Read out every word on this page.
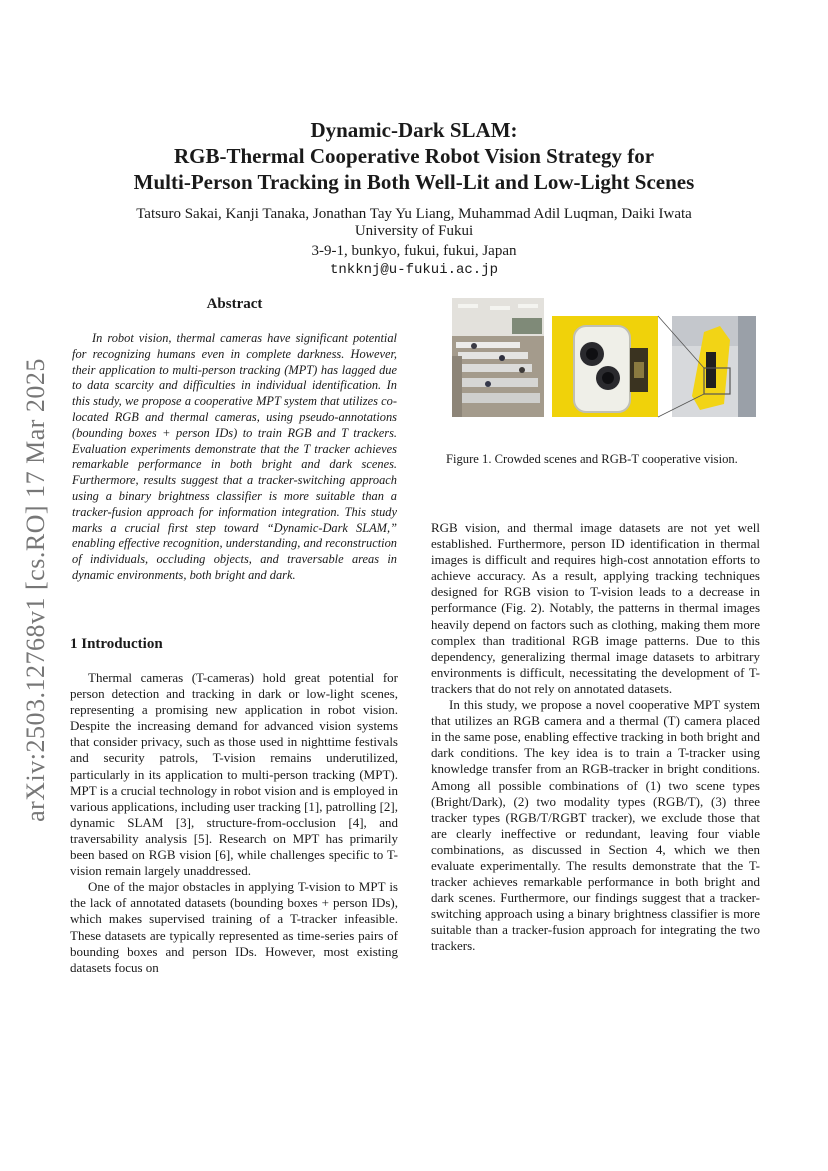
arXiv:2503.12768v1 [cs.RO] 17 Mar 2025
Dynamic-Dark SLAM:
RGB-Thermal Cooperative Robot Vision Strategy for
Multi-Person Tracking in Both Well-Lit and Low-Light Scenes
Tatsuro Sakai, Kanji Tanaka, Jonathan Tay Yu Liang, Muhammad Adil Luqman, Daiki Iwata
University of Fukui
3-9-1, bunkyo, fukui, fukui, Japan
tnkknj@u-fukui.ac.jp
Abstract
In robot vision, thermal cameras have significant potential for recognizing humans even in complete darkness. However, their application to multi-person tracking (MPT) has lagged due to data scarcity and difficulties in individual identification. In this study, we propose a cooperative MPT system that utilizes co-located RGB and thermal cameras, using pseudo-annotations (bounding boxes + person IDs) to train RGB and T trackers. Evaluation experiments demonstrate that the T tracker achieves remarkable performance in both bright and dark scenes. Furthermore, results suggest that a tracker-switching approach using a binary brightness classifier is more suitable than a tracker-fusion approach for information integration. This study marks a crucial first step toward “Dynamic-Dark SLAM,” enabling effective recognition, understanding, and reconstruction of individuals, occluding objects, and traversable areas in dynamic environments, both bright and dark.
1 Introduction

Thermal cameras (T-cameras) hold great potential for person detection and tracking in dark or low-light scenes, representing a promising new application in robot vision. Despite the increasing demand for advanced vision systems that consider privacy, such as those used in nighttime festivals and security patrols, T-vision remains underutilized, particularly in its application to multi-person tracking (MPT). MPT is a crucial technology in robot vision and is employed in various applications, including user tracking [1], patrolling [2], dynamic SLAM [3], structure-from-occlusion [4], and traversability analysis [5]. Research on MPT has primarily been based on RGB vision [6], while challenges specific to T-vision remain largely unaddressed.

One of the major obstacles in applying T-vision to MPT is the lack of annotated datasets (bounding boxes + person IDs), which makes supervised training of a T-tracker infeasible. These datasets are typically represented as time-series pairs of bounding boxes and person IDs. However, most existing datasets focus on

Figure 1. Crowded scenes and RGB-T cooperative vision.

RGB vision, and thermal image datasets are not yet well established. Furthermore, person ID identification in thermal images is difficult and requires high-cost annotation efforts to achieve accuracy. As a result, applying tracking techniques designed for RGB vision to T-vision leads to a decrease in performance (Fig. 2). Notably, the patterns in thermal images heavily depend on factors such as clothing, making them more complex than traditional RGB image patterns. Due to this dependency, generalizing thermal image datasets to arbitrary environments is difficult, necessitating the development of T-trackers that do not rely on annotated datasets.

In this study, we propose a novel cooperative MPT system that utilizes an RGB camera and a thermal (T) camera placed in the same pose, enabling effective tracking in both bright and dark conditions. The key idea is to train a T-tracker using knowledge transfer from an RGB-tracker in bright conditions. Among all possible combinations of (1) two scene types (Bright/Dark), (2) two modality types (RGB/T), (3) three tracker types (RGB/T/RGBT tracker), we exclude those that are clearly ineffective or redundant, leaving four viable combinations, as discussed in Section 4, which we then evaluate experimentally. The results demonstrate that the T-tracker achieves remarkable performance in both bright and dark scenes. Furthermore, our findings suggest that a tracker-switching approach using a binary brightness classifier is more suitable than a tracker-fusion approach for integrating the two trackers.
